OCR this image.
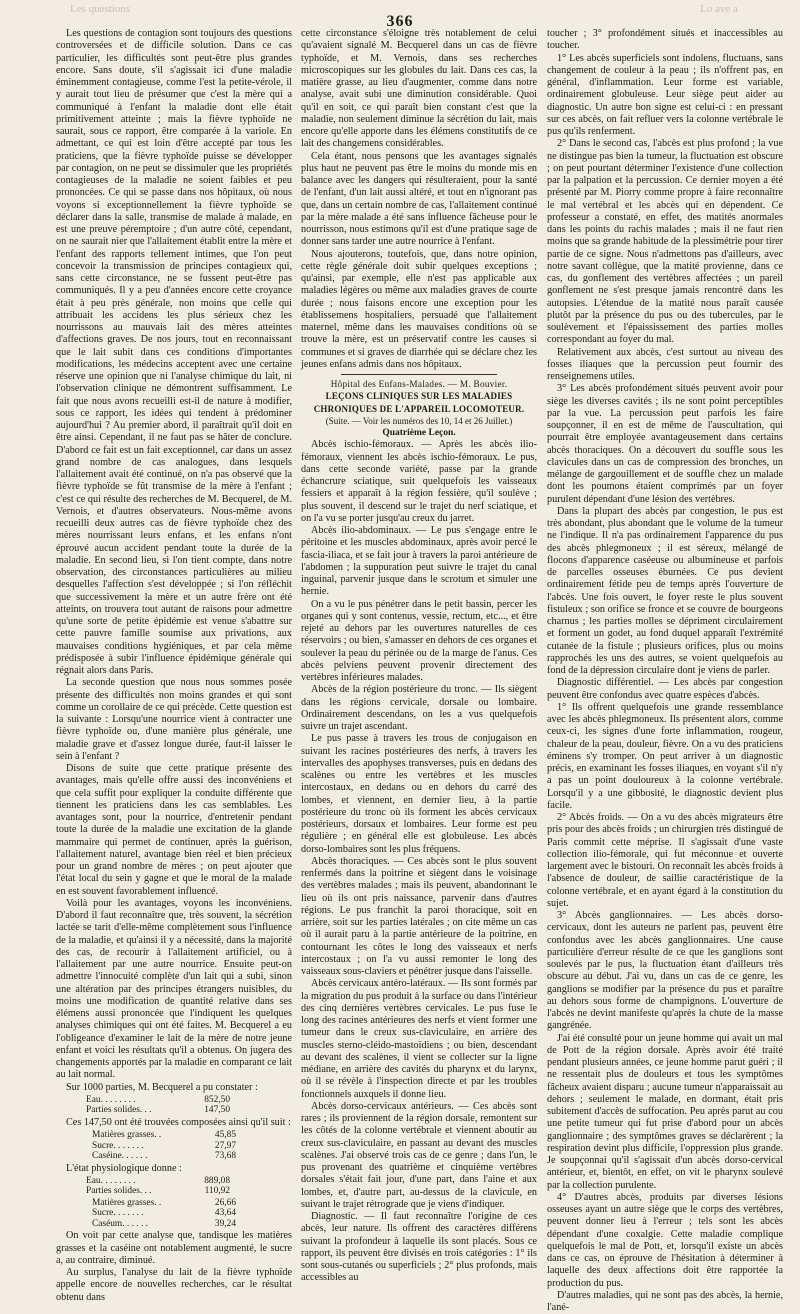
Les questions
366
Lo ave a

Les questions de contagion sont toujours des questions controversées et de difficile solution. Dans ce cas particulier, les difficultés sont peut-être plus grandes encore. Sans doute, s'il s'agissait ici d'une maladie éminemment contagieuse, comme l'est la petite-vérole, il y aurait tout lieu de présumer que c'est la mère qui a communiqué à l'enfant la maladie dont elle était primitivement atteinte ; mais la fièvre typhoïde ne saurait, sous ce rapport, être comparée à la variole. En admettant, ce qui est loin d'être accepté par tous les praticiens, que la fièvre typhoïde puisse se développer par contagion, on ne peut se dissimuler que les propriétés contagieuses de la maladie ne soient faibles et peu prononcées. Ce qui se passe dans nos hôpitaux, où nous voyons si exceptionnellement la fièvre typhoïde se déclarer dans la salle, transmise de malade à malade, en est une preuve péremptoire ; d'un autre côté, cependant, on ne saurait nier que l'allaitement établit entre la mère et l'enfant des rapports tellement intimes, que l'on peut concevoir la transmission de principes contagieux qui, sans cette circonstance, ne se fussent peut-être pas communiqués. Il y a peu d'années encore cette croyance était à peu près générale, non moins que celle qui attribuait les accidens les plus sérieux chez les nourrissons au mauvais lait des mères atteintes d'affections graves. De nos jours, tout en reconnaissant que le lait subit dans ces conditions d'importantes modifications, les médecins acceptent avec une certaine réserve une opinion que ni l'analyse chimique du lait, ni l'observation clinique ne démontrent suffisamment. Le fait que nous avons recueilli est-il de nature à modifier, sous ce rapport, les idées qui tendent à prédominer aujourd'hui ? Au premier abord, il paraîtrait qu'il doit en être ainsi. Cependant, il ne faut pas se hâter de conclure. D'abord ce fait est un fait exceptionnel, car dans un assez grand nombre de cas analogues, dans lesquels l'allaitement avait été continué, on n'a pas observé que la fièvre typhoïde se fût transmise de la mère à l'enfant ; c'est ce qui résulte des recherches de M. Becquerel, de M. Vernois, et d'autres observateurs. Nous-même avons recueilli deux autres cas de fièvre typhoïde chez des mères nourrissant leurs enfans, et les enfans n'ont éprouvé aucun accident pendant toute la durée de la maladie. En second lieu, si l'on tient compte, dans notre observation, des circonstances particulières au milieu desquelles l'affection s'est développée ; si l'on réfléchit que successivement la mère et un autre frère ont été atteints, on trouvera tout autant de raisons pour admettre qu'une sorte de petite épidémie est venue s'abattre sur cette pauvre famille soumise aux privations, aux mauvaises conditions hygiéniques, et par cela même prédisposée à subir l'influence épidémique générale qui régnait alors dans Paris.

La seconde question que nous nous sommes posée présente des difficultés non moins grandes et qui sont comme un corollaire de ce qui précède. Cette question est la suivante : Lorsqu'une nourrice vient à contracter une fièvre typhoïde ou, d'une manière plus générale, une maladie grave et d'assez longue durée, faut-il laisser le sein à l'enfant ?

Disons de suite que cette pratique présente des avantages, mais qu'elle offre aussi des inconvéniens et que cela suffit pour expliquer la conduite différente que tiennent les praticiens dans les cas semblables. Les avantages sont, pour la nourrice, d'entretenir pendant toute la durée de la maladie une excitation de la glande mammaire qui permet de continuer, après la guérison, l'allaitement naturel, avantage bien réel et bien précieux pour un grand nombre de mères ; on peut ajouter que l'état local du sein y gagne et que le moral de la malade en est souvent favorablement influencé.

Voilà pour les avantages, voyons les inconvéniens. D'abord il faut reconnaître que, très souvent, la sécrétion lactée se tarit d'elle-même complètement sous l'influence de la maladie, et qu'ainsi il y a nécessité, dans la majorité des cas, de recourir à l'allaitement artificiel, ou à l'allaitement par une autre nourrice. Ensuite peut-on admettre l'innocuité complète d'un lait qui a subi, sinon une altération par des principes étrangers nuisibles, du moins une modification de quantité relative dans ses élémens aussi prononcée que l'indiquent les quelques analyses chimiques qui ont été faites. M. Becquerel a eu l'obligeance d'examiner le lait de la mère de notre jeune enfant et voici les résultats qu'il a obtenus. On jugera des changements apportés par la maladie en comparant ce lait au lait normal.

Sur 1000 parties, M. Becquerel a pu constater :

Eau. . . . . . . .	852,50
Parties solides. . .	147,50

Ces 147,50 ont été trouvées composées ainsi qu'il suit :

Matières grasses. .	45,85
Sucre. . . . . . .	27,97
Caséine. . . . . .	73,68

L'état physiologique donne :

Eau. . . . . . . .	889,08
Parties solides. . .	110,92
Matières grasses. .	26,66
Sucre. . . . . . .	43,64
Caséum. . . . . .	39,24

On voit par cette analyse que, tandisque les matières grasses et la caséine ont notablement augmenté, le sucre a, au contraire, diminué.

Au surplus, l'analyse du lait de la fièvre typhoïde appelle encore de nouvelles recherches, car le résultat obtenu dans

cette circonstance s'éloigne très notablement de celui qu'avaient signalé M. Becquerel dans un cas de fièvre typhoïde, et M. Vernois, dans ses recherches microscopiques sur les globules du lait. Dans ces cas, la matière grasse, au lieu d'augmenter, comme dans notre analyse, avait subi une diminution considérable. Quoi qu'il en soit, ce qui paraît bien constant c'est que la maladie, non seulement diminue la sécrétion du lait, mais encore qu'elle apporte dans les élémens constitutifs de ce lait des changemens considérables.

Cela étant, nous pensons que les avantages signalés plus haut ne peuvent pas être le moins du monde mis en balance avec les dangers qui résulteraient, pour la santé de l'enfant, d'un lait aussi altéré, et tout en n'ignorant pas que, dans un certain nombre de cas, l'allaitement continué par la mère malade a été sans influence fâcheuse pour le nourrisson, nous estimons qu'il est d'une pratique sage de donner sans tarder une autre nourrice à l'enfant.

Nous ajouterons, toutefois, que, dans notre opinion, cette règle générale doit subir quelques exceptions ; qu'ainsi, par exemple, elle n'est pas applicable aux maladies légères ou même aux maladies graves de courte durée ; nous faisons encore une exception pour les établissemens hospitaliers, persuadé que l'allaitement maternel, même dans les mauvaises conditions où se trouve la mère, est un préservatif contre les causes si communes et si graves de diarrhée qui se déclare chez les jeunes enfans admis dans nos hôpitaux.

Hôpital des Enfans-Malades. — M. Bouvier.

LEÇONS CLINIQUES SUR LES MALADIES CHRONIQUES DE L'APPAREIL LOCOMOTEUR.

(Suite. — Voir les numéros des 10, 14 et 26 Juillet.)

Quatrième Leçon.

Abcès ischio-fémoraux. — Après les abcès ilio-fémoraux, viennent les abcès ischio-fémoraux. Le pus, dans cette seconde variété, passe par la grande échancrure sciatique, suit quelquefois les vaisseaux fessiers et apparaît à la région fessière, qu'il soulève ; plus souvent, il descend sur le trajet du nerf sciatique, et on l'a vu se porter jusqu'au creux du jarret.

Abcès ilio-abdominaux. — Le pus s'engage entre le péritoine et les muscles abdominaux, après avoir percé le fascia-iliaca, et se fait jour à travers la paroi antérieure de l'abdomen ; la suppuration peut suivre le trajet du canal inguinal, parvenir jusque dans le scrotum et simuler une hernie.

On a vu le pus pénétrer dans le petit bassin, percer les organes qui y sont contenus, vessie, rectum, etc..., et être rejeté au dehors par les ouvertures naturelles de ces réservoirs ; ou bien, s'amasser en dehors de ces organes et soulever la peau du périnée ou de la marge de l'anus. Ces abcès pelviens peuvent provenir directement des vertèbres inférieures malades.

Abcès de la région postérieure du tronc. — Ils siègent dans les régions cervicale, dorsale ou lombaire. Ordinairement descendans, on les a vus quelquefois suivre un trajet ascendant.

Le pus passe à travers les trous de conjugaison en suivant les racines postérieures des nerfs, à travers les intervalles des apophyses transverses, puis en dedans des scalènes ou entre les vertèbres et les muscles intercostaux, en dedans ou en dehors du carré des lombes, et viennent, en dernier lieu, à la partie postérieure du tronc où ils forment les abcès cervicaux postérieurs, dorsaux et lombaires. Leur forme est peu régulière ; en général elle est globuleuse. Les abcès dorso-lombaires sont les plus fréquens.

Abcès thoraciques. — Ces abcès sont le plus souvent renfermés dans la poitrine et siègent dans le voisinage des vertèbres malades ; mais ils peuvent, abandonnant le lieu où ils ont pris naissance, parvenir dans d'autres régions. Le pus franchit la paroi thoracique, soit en arrière, soit sur les parties latérales ; on cite même un cas où il aurait paru à la partie antérieure de la poitrine, en contournant les côtes le long des vaisseaux et nerfs intercostaux ; on l'a vu aussi remonter le long des vaisseaux sous-claviers et pénétrer jusque dans l'aisselle.

Abcès cervicaux antéro-latéraux. — Ils sont formés par la migration du pus produit à la surface ou dans l'intérieur des cinq dernières vertèbres cervicales. Le pus fuse le long des racines antérieures des nerfs et vient former une tumeur dans le creux sus-claviculaire, en arrière des muscles sterno-cléido-mastoïdiens ; ou bien, descendant au devant des scalènes, il vient se collecter sur la ligne médiane, en arrière des cavités du pharynx et du larynx, où il se révèle à l'inspection directe et par les troubles fonctionnels auxquels il donne lieu.

Abcès dorso-cervicaux antérieurs. — Ces abcès sont rares ; ils proviennent de la région dorsale, remontent sur les côtés de la colonne vertébrale et viennent aboutir au creux sus-claviculaire, en passant au devant des muscles scalènes. J'ai observé trois cas de ce genre ; dans l'un, le pus provenant des quatrième et cinquième vertèbres dorsales s'était fait jour, d'une part, dans l'aine et aux lombes, et, d'autre part, au-dessus de la clavicule, en suivant le trajet rétrograde que je viens d'indiquer.

Diagnostic. — Il faut reconnaître l'origine de ces abcès, leur nature. Ils offrent des caractères différens suivant la profondeur à laquelle ils sont placés. Sous ce rapport, ils peuvent être divisés en trois catégories : 1° ils sont sous-cutanés ou superficiels ; 2° plus profonds, mais accessibles au

toucher ; 3° profondément situés et inaccessibles au toucher.

1° Les abcès superficiels sont indolens, fluctuans, sans changement de couleur à la peau ; ils n'offrent pas, en général, d'inflammation. Leur forme est variable, ordinairement globuleuse. Leur siège peut aider au diagnostic. Un autre bon signe est celui-ci : en pressant sur ces abcès, on fait refluer vers la colonne vertébrale le pus qu'ils renferment.

2° Dans le second cas, l'abcès est plus profond ; la vue ne distingue pas bien la tumeur, la fluctuation est obscure ; on peut pourtant déterminer l'existence d'une collection par la palpation et la percussion. Ce dernier moyen a été présenté par M. Piorry comme propre à faire reconnaître le mal vertébral et les abcès qui en dépendent. Ce professeur a constaté, en effet, des matités anormales dans les points du rachis malades ; mais il ne faut rien moins que sa grande habitude de la plessimétrie pour tirer partie de ce signe. Nous n'admettons pas d'ailleurs, avec notre savant collègue, que la matité provienne, dans ce cas, du gonflement des vertèbres affectées ; un pareil gonflement ne s'est presque jamais rencontré dans les autopsies. L'étendue de la matité nous paraît causée plutôt par la présence du pus ou des tubercules, par le soulèvement et l'épaississement des parties molles correspondant au foyer du mal.

Relativement aux abcès, c'est surtout au niveau des fosses iliaques que la percussion peut fournir des renseignemens utiles.

3° Les abcès profondément situés peuvent avoir pour siège les diverses cavités ; ils ne sont point perceptibles par la vue. La percussion peut parfois les faire soupçonner, il en est de même de l'auscultation, qui pourrait être employée avantageusement dans certains abcès thoraciques. On a découvert du souffle sous les clavicules dans un cas de compression des bronches, un mélange de gargouillement et de souffle chez un malade dont les poumons étaient comprimés par un foyer purulent dépendant d'une lésion des vertèbres.

Dans la plupart des abcès par congestion, le pus est très abondant, plus abondant que le volume de la tumeur ne l'indique. Il n'a pas ordinairement l'apparence du pus des abcès phlegmoneux ; il est séreux, mélangé de flocons d'apparence caséeuse ou albumineuse et parfois de parcelles osseuses éburnées. Ce pus devient ordinairement fétide peu de temps après l'ouverture de l'abcès. Une fois ouvert, le foyer reste le plus souvent fistuleux ; son orifice se fronce et se couvre de bourgeons charnus ; les parties molles se dépriment circulairement et forment un godet, au fond duquel apparaît l'extrémité cutanée de la fistule ; plusieurs orifices, plus ou moins rapprochés les uns des autres, se voient quelquefois au fond de la dépression circulaire dont je viens de parler.

Diagnostic différentiel. — Les abcès par congestion peuvent être confondus avec quatre espèces d'abcès.

1° Ils offrent quelquefois une grande ressemblance avec les abcès phlegmoneux. Ils présentent alors, comme ceux-ci, les signes d'une forte inflammation, rougeur, chaleur de la peau, douleur, fièvre. On a vu des praticiens éminens s'y tromper. On peut arriver à un diagnostic précis, en examinant les fosses iliaques, en voyant s'il n'y a pas un point douloureux à la colonne vertébrale. Lorsqu'il y a une gibbosité, le diagnostic devient plus facile.

2° Abcès froids. — On a vu des abcès migrateurs être pris pour des abcès froids ; un chirurgien très distingué de Paris commit cette méprise. Il s'agissait d'une vaste collection ilio-fémorale, qui fut méconnue et ouverte largement avec le bistouri. On reconnaît les abcès froids à l'absence de douleur, de saillie caractéristique de la colonne vertébrale, et en ayant égard à la constitution du sujet.

3° Abcès ganglionnaires. — Les abcès dorso-cervicaux, dont les auteurs ne parlent pas, peuvent être confondus avec les abcès ganglionnaires. Une cause particulière d'erreur résulte de ce que les ganglions sont soulevés par le pus, la fluctuation étant d'ailleurs très obscure au début. J'ai vu, dans un cas de ce genre, les ganglions se modifier par la présence du pus et paraître au dehors sous forme de champignons. L'ouverture de l'abcès ne devint manifeste qu'après la chute de la masse gangrénée.

J'ai été consulté pour un jeune homme qui avait un mal de Pott de la région dorsale. Après avoir été traité pendant plusieurs années, ce jeune homme parut guéri ; il ne ressentait plus de douleurs et tous les symptômes fâcheux avaient disparu ; aucune tumeur n'apparaissait au dehors ; seulement le malade, en dormant, était pris subitement d'accès de suffocation. Peu après parut au cou une petite tumeur qui fut prise d'abord pour un abcès ganglionnaire ; des symptômes graves se déclarèrent ; la respiration devint plus difficile, l'oppression plus grande. Je soupçonnai qu'il s'agissait d'un abcès dorso-cervical antérieur, et, bientôt, en effet, on vit le pharynx soulevé par la collection purulente.

4° D'autres abcès, produits par diverses lésions osseuses ayant un autre siège que le corps des vertèbres, peuvent donner lieu à l'erreur ; tels sont les abcès dépendant d'une coxalgie. Cette maladie complique quelquefois le mal de Pott, et, lorsqu'il existe un abcès dans ce cas, on éprouve de l'hésitation à déterminer à laquelle des deux affections doit être rapportée la production du pus.

D'autres maladies, qui ne sont pas des abcès, la hernie, l'ané-
